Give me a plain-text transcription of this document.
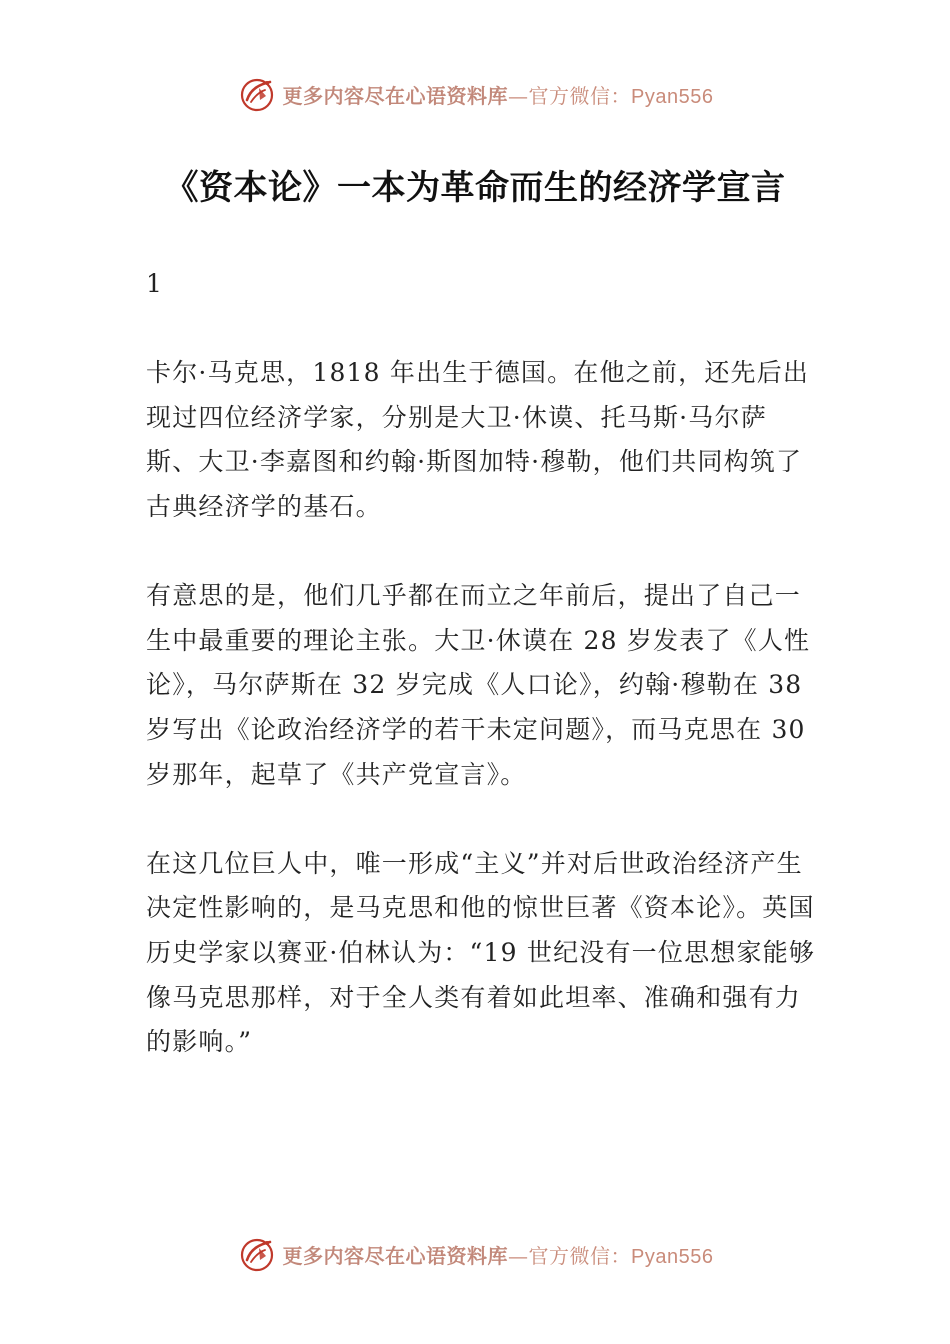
更多内容尽在心语资料库—官方微信：Pyan556
《资本论》一本为革命而生的经济学宣言

1

卡尔·马克思，1818 年出生于德国。在他之前，还先后出现过四位经济学家，分别是大卫·休谟、托马斯·马尔萨斯、大卫·李嘉图和约翰·斯图加特·穆勒，他们共同构筑了古典经济学的基石。

有意思的是，他们几乎都在而立之年前后，提出了自己一生中最重要的理论主张。大卫·休谟在 28 岁发表了《人性论》，马尔萨斯在 32 岁完成《人口论》，约翰·穆勒在 38 岁写出《论政治经济学的若干未定问题》，而马克思在 30 岁那年，起草了《共产党宣言》。

在这几位巨人中，唯一形成“主义”并对后世政治经济产生决定性影响的，是马克思和他的惊世巨著《资本论》。英国历史学家以赛亚·伯林认为：“19 世纪没有一位思想家能够像马克思那样，对于全人类有着如此坦率、准确和强有力的影响。”

更多内容尽在心语资料库—官方微信：Pyan556
